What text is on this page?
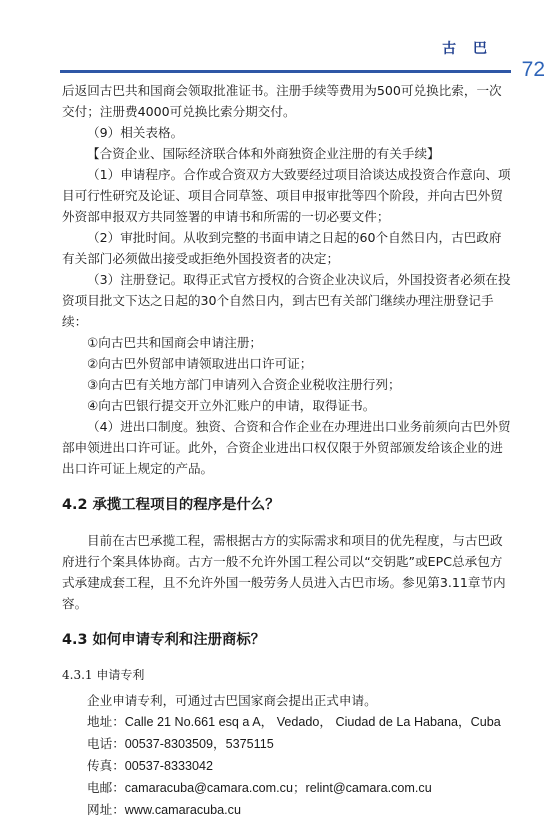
古 巴
72

后返回古巴共和国商会领取批准证书。注册手续等费用为500可兑换比索，一次交付；注册费4000可兑换比索分期交付。

（9）相关表格。

【合资企业、国际经济联合体和外商独资企业注册的有关手续】

（1）申请程序。合作或合资双方大致要经过项目洽谈达成投资合作意向、项目可行性研究及论证、项目合同草签、项目申报审批等四个阶段，并向古巴外贸外资部申报双方共同签署的申请书和所需的一切必要文件；

（2）审批时间。从收到完整的书面申请之日起的60个自然日内，古巴政府有关部门必须做出接受或拒绝外国投资者的决定；

（3）注册登记。取得正式官方授权的合资企业决议后，外国投资者必须在投资项目批文下达之日起的30个自然日内，到古巴有关部门继续办理注册登记手续：

①向古巴共和国商会申请注册；

②向古巴外贸部申请领取进出口许可证；

③向古巴有关地方部门申请列入合资企业税收注册行列；

④向古巴银行提交开立外汇账户的申请，取得证书。

（4）进出口制度。独资、合资和合作企业在办理进出口业务前须向古巴外贸部申领进出口许可证。此外，合资企业进出口权仅限于外贸部颁发给该企业的进出口许可证上规定的产品。

4.2 承揽工程项目的程序是什么？

目前在古巴承揽工程，需根据古方的实际需求和项目的优先程度，与古巴政府进行个案具体协商。古方一般不允许外国工程公司以“交钥匙”或EPC总承包方式承建成套工程，且不允许外国一般劳务人员进入古巴市场。参见第3.11章节内容。

4.3 如何申请专利和注册商标？
4.3.1 申请专利

企业申请专利，可通过古巴国家商会提出正式申请。

地址：Calle 21 No.661 esq a A， Vedado， Ciudad de La Habana，Cuba

电话：00537-8303509，5375115

传真：00537-8333042

电邮：camaracuba@camara.com.cu；relint@camara.com.cu

网址：www.camaracuba.cu
